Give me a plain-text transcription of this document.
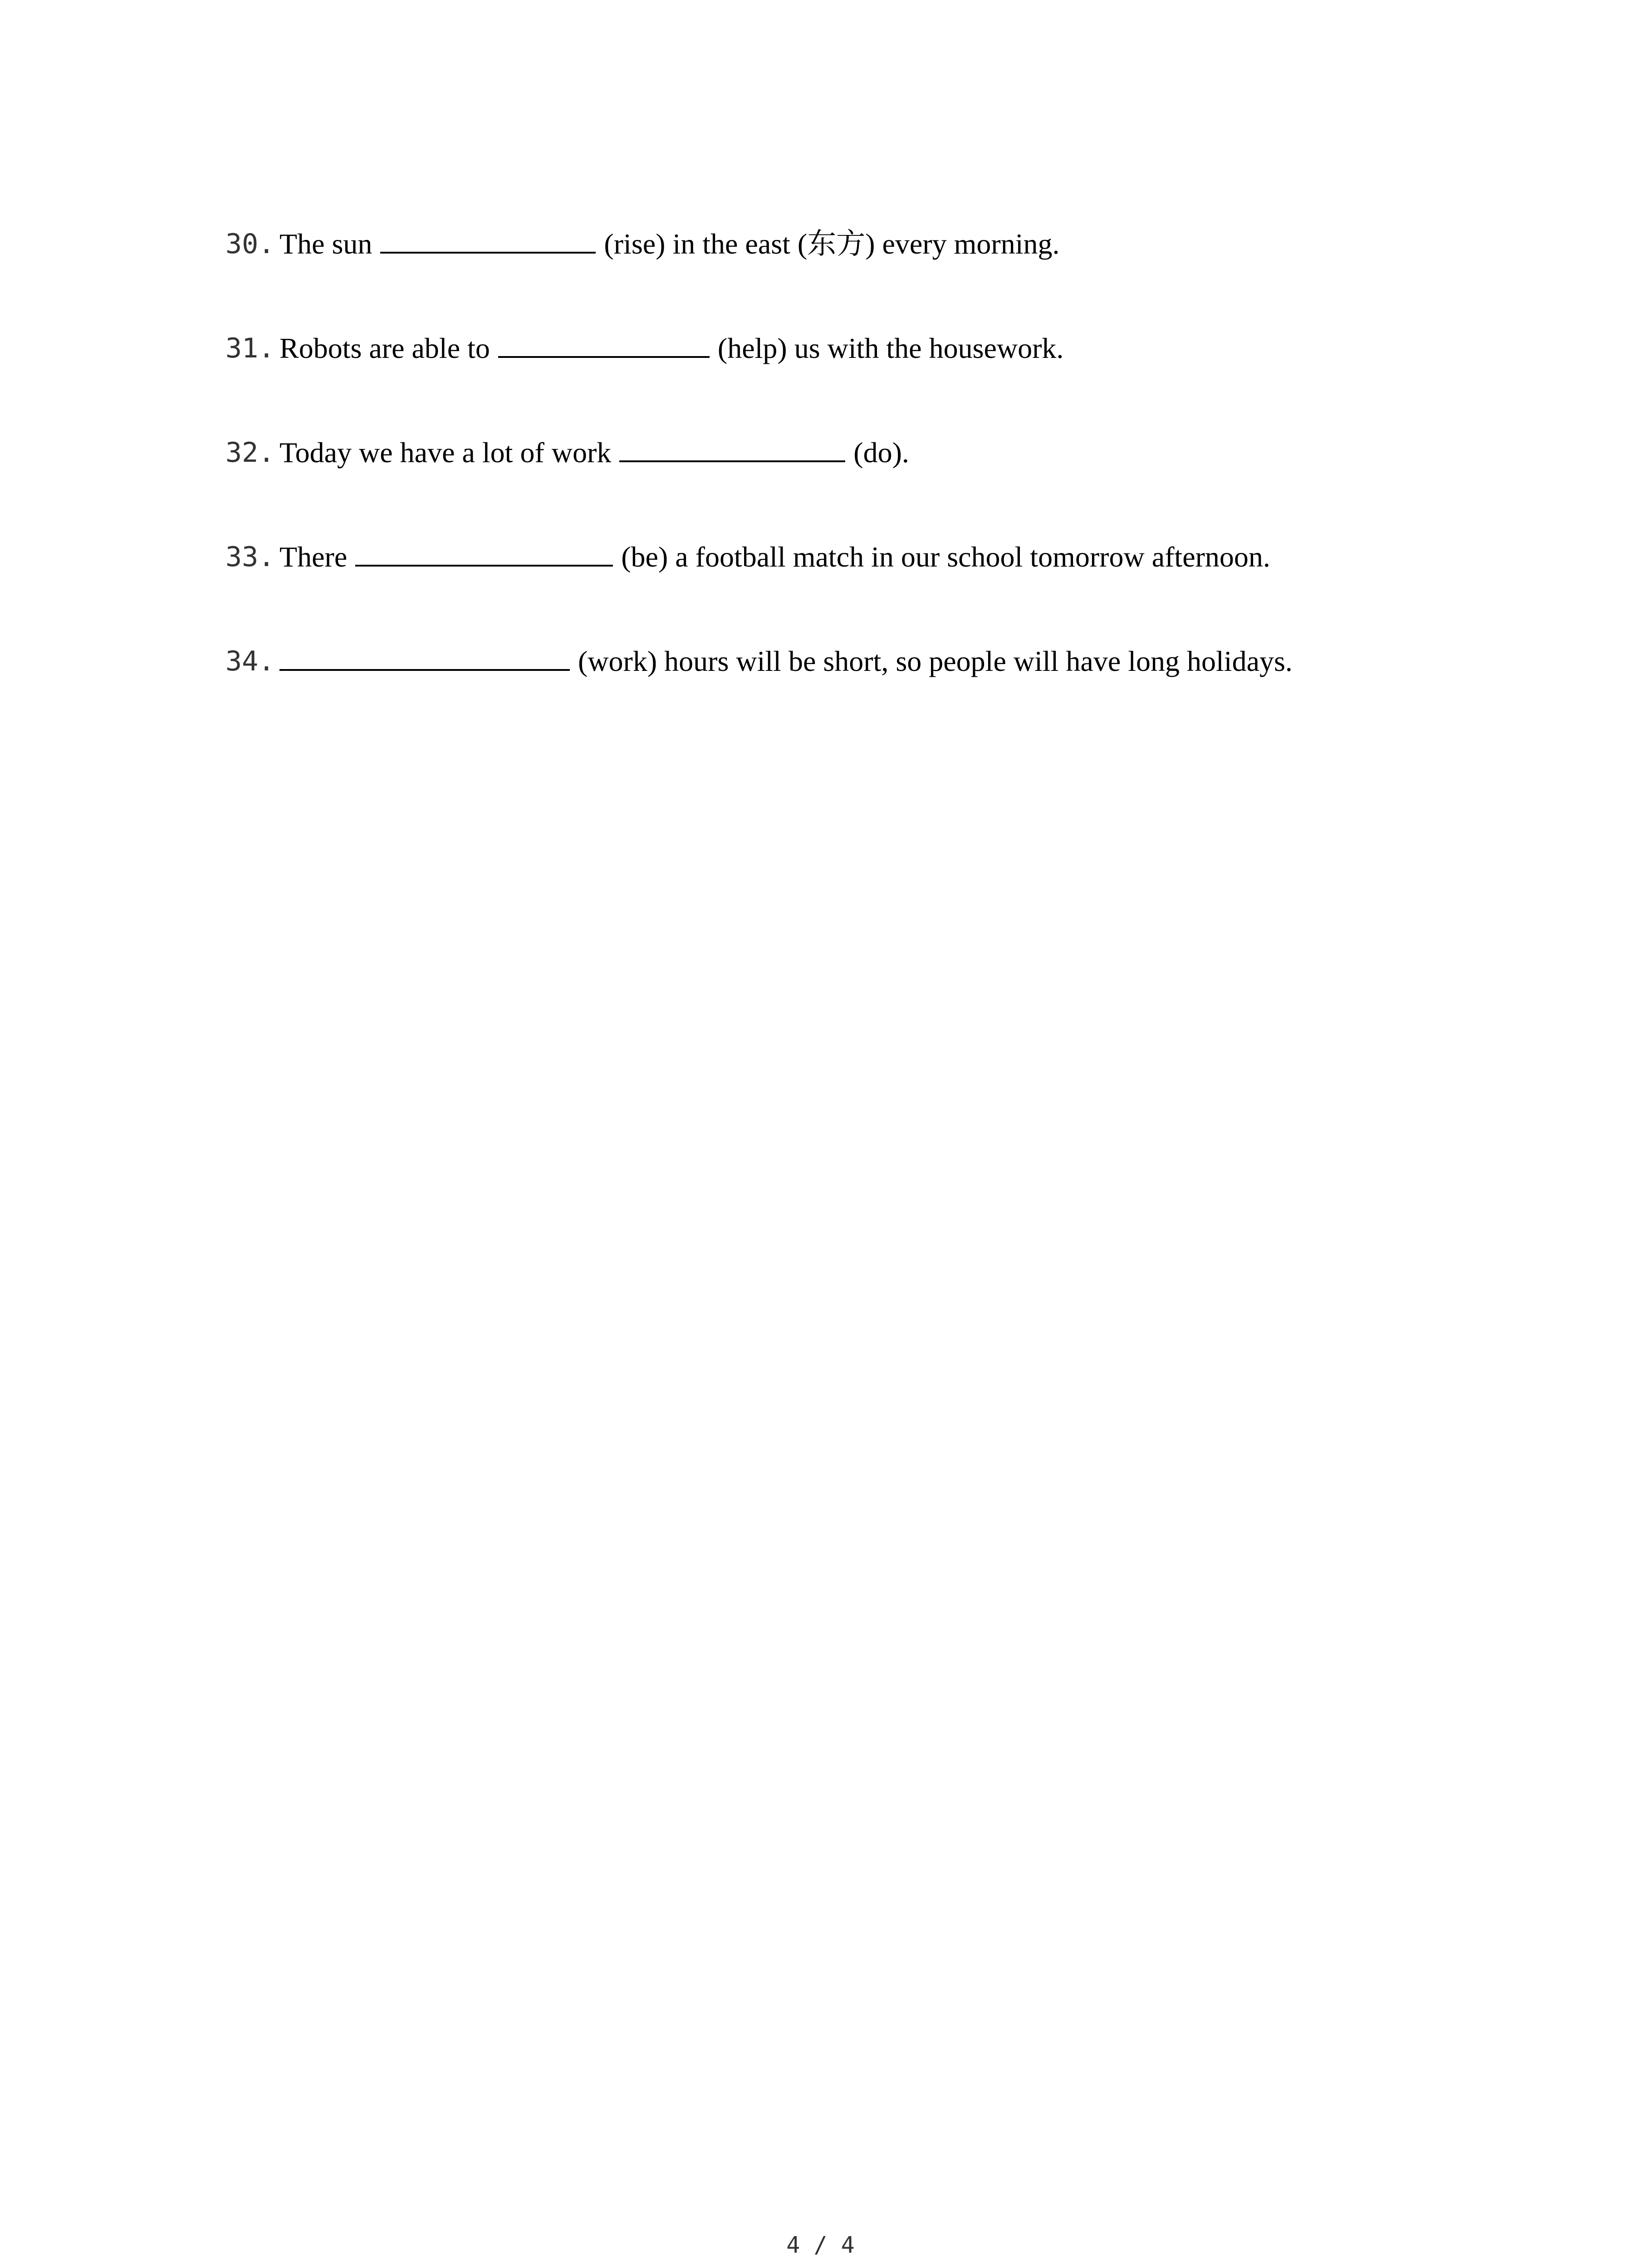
30. The sun	(rise) in the east (东方) every morning.
31. Robots are able to	(help) us with the housework.
32. Today we have a lot of work	(do).
33. There	(be) a football match in our school tomorrow afternoon.
34.	(work) hours will be short, so people will have long holidays.
4 / 4
